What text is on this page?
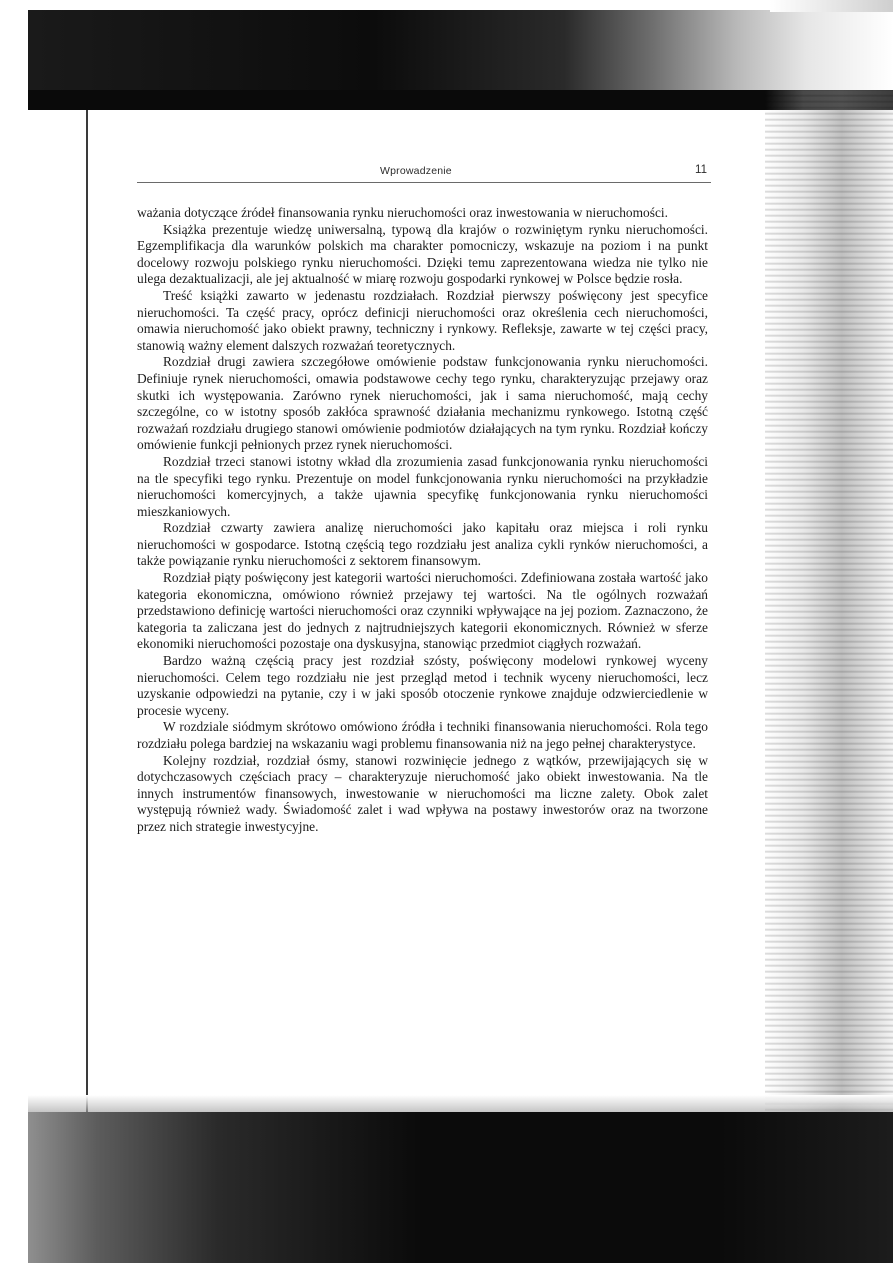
Wprowadzenie	11

ważania dotyczące źródeł finansowania rynku nieruchomości oraz inwestowania w nieruchomości.

Książka prezentuje wiedzę uniwersalną, typową dla krajów o rozwiniętym rynku nieruchomości. Egzemplifikacja dla warunków polskich ma charakter pomocniczy, wskazuje na poziom i na punkt docelowy rozwoju polskiego rynku nieruchomości. Dzięki temu zaprezentowana wiedza nie tylko nie ulega dezaktualizacji, ale jej aktualność w miarę rozwoju gospodarki rynkowej w Polsce będzie rosła.

Treść książki zawarto w jedenastu rozdziałach. Rozdział pierwszy poświęcony jest specyfice nieruchomości. Ta część pracy, oprócz definicji nieruchomości oraz określenia cech nieruchomości, omawia nieruchomość jako obiekt prawny, techniczny i rynkowy. Refleksje, zawarte w tej części pracy, stanowią ważny element dalszych rozważań teoretycznych.

Rozdział drugi zawiera szczegółowe omówienie podstaw funkcjonowania rynku nieruchomości. Definiuje rynek nieruchomości, omawia podstawowe cechy tego rynku, charakteryzując przejawy oraz skutki ich występowania. Zarówno rynek nieruchomości, jak i sama nieruchomość, mają cechy szczególne, co w istotny sposób zakłóca sprawność działania mechanizmu rynkowego. Istotną część rozważań rozdziału drugiego stanowi omówienie podmiotów działających na tym rynku. Rozdział kończy omówienie funkcji pełnionych przez rynek nieruchomości.

Rozdział trzeci stanowi istotny wkład dla zrozumienia zasad funkcjonowania rynku nieruchomości na tle specyfiki tego rynku. Prezentuje on model funkcjonowania rynku nieruchomości na przykładzie nieruchomości komercyjnych, a także ujawnia specyfikę funkcjonowania rynku nieruchomości mieszkaniowych.

Rozdział czwarty zawiera analizę nieruchomości jako kapitału oraz miejsca i roli rynku nieruchomości w gospodarce. Istotną częścią tego rozdziału jest analiza cykli rynków nieruchomości, a także powiązanie rynku nieruchomości z sektorem finansowym.

Rozdział piąty poświęcony jest kategorii wartości nieruchomości. Zdefiniowana została wartość jako kategoria ekonomiczna, omówiono również przejawy tej wartości. Na tle ogólnych rozważań przedstawiono definicję wartości nieruchomości oraz czynniki wpływające na jej poziom. Zaznaczono, że kategoria ta zaliczana jest do jednych z najtrudniejszych kategorii ekonomicznych. Również w sferze ekonomiki nieruchomości pozostaje ona dyskusyjna, stanowiąc przedmiot ciągłych rozważań.

Bardzo ważną częścią pracy jest rozdział szósty, poświęcony modelowi rynkowej wyceny nieruchomości. Celem tego rozdziału nie jest przegląd metod i technik wyceny nieruchomości, lecz uzyskanie odpowiedzi na pytanie, czy i w jaki sposób otoczenie rynkowe znajduje odzwierciedlenie w procesie wyceny.

W rozdziale siódmym skrótowo omówiono źródła i techniki finansowania nieruchomości. Rola tego rozdziału polega bardziej na wskazaniu wagi problemu finansowania niż na jego pełnej charakterystyce.

Kolejny rozdział, rozdział ósmy, stanowi rozwinięcie jednego z wątków, przewijających się w dotychczasowych częściach pracy – charakteryzuje nieruchomość jako obiekt inwestowania. Na tle innych instrumentów finansowych, inwestowanie w nieruchomości ma liczne zalety. Obok zalet występują również wady. Świadomość zalet i wad wpływa na postawy inwestorów oraz na tworzone przez nich strategie inwestycyjne.
